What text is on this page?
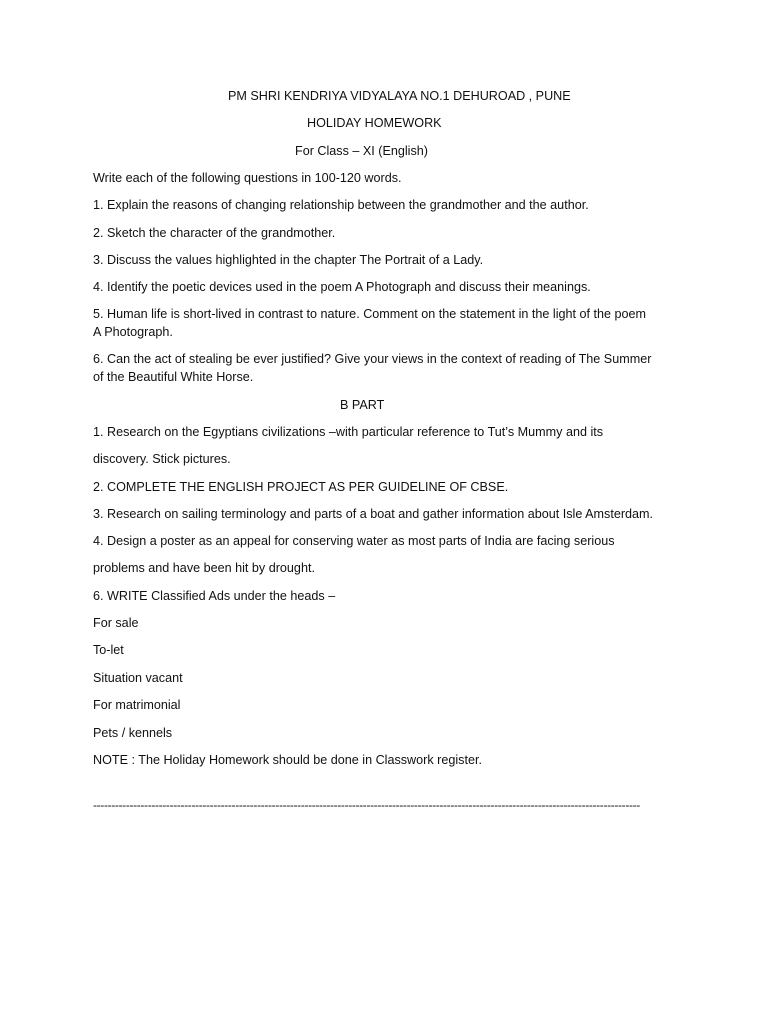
PM SHRI KENDRIYA VIDYALAYA NO.1 DEHUROAD , PUNE
HOLIDAY HOMEWORK
For Class – XI (English)
Write each of the following questions in 100-120 words.
1. Explain the reasons of changing relationship between the grandmother and the author.
2. Sketch the character of the grandmother.
3. Discuss the values highlighted in the chapter The Portrait of a Lady.
4. Identify the poetic devices used in the poem A Photograph and discuss their meanings.
5. Human life is short-lived in contrast to nature. Comment on the statement in the light of the poem
A Photograph.
6. Can the act of stealing be ever justified? Give your views in the context of reading of The Summer
of the Beautiful White Horse.
B PART
1. Research on the Egyptians civilizations –with particular reference to Tut’s Mummy and its
discovery. Stick pictures.
2. COMPLETE THE ENGLISH PROJECT AS PER GUIDELINE OF CBSE.
3. Research on sailing terminology and parts of a boat and gather information about Isle Amsterdam.
4. Design a poster as an appeal for conserving water as most parts of India are facing serious
problems and have been hit by drought.
6. WRITE Classified Ads under the heads –
For sale
To-let
Situation vacant
For matrimonial
Pets / kennels
NOTE : The Holiday Homework should be done in Classwork register.
------------------------------------------------------------------------------------------------------------------------------------------------------
